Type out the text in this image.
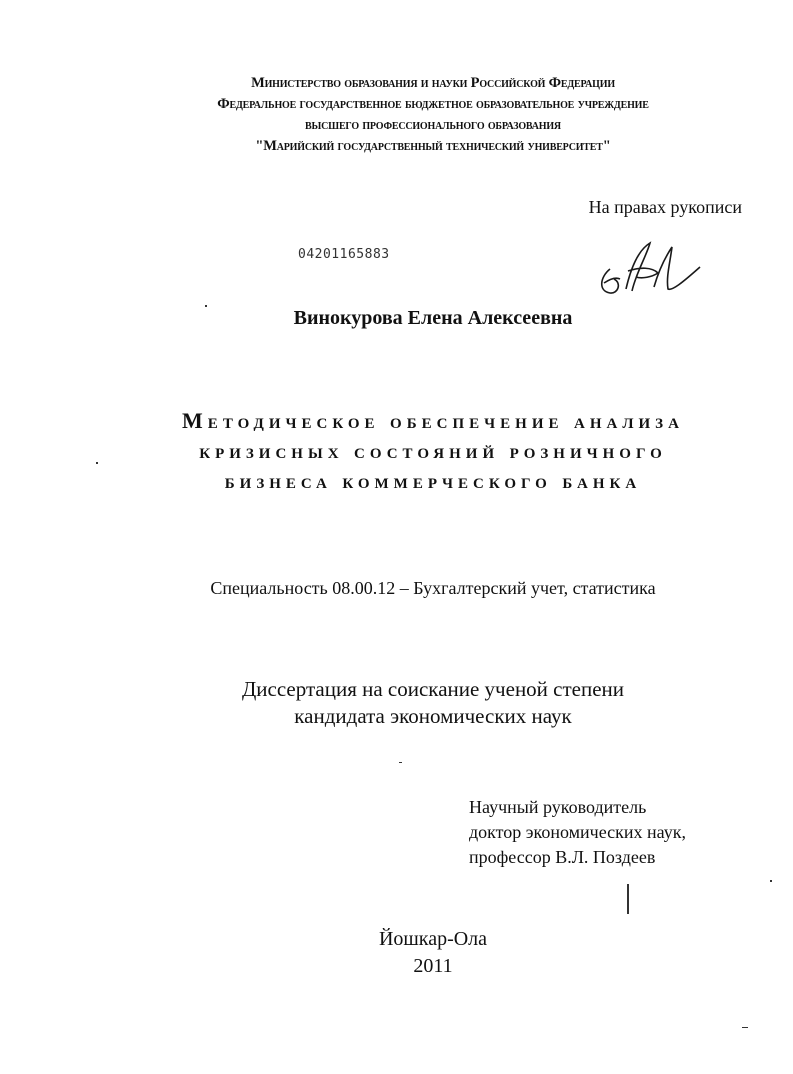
Министерство образования и науки Российской Федерации
Федеральное государственное бюджетное образовательное учреждение
высшего профессионального образования
"Марийский государственный технический университет"
На правах рукописи
04201165883
Винокурова Елена Алексеевна
Методическое обеспечение анализа
кризисных состояний розничного
бизнеса коммерческого банка
Специальность 08.00.12 – Бухгалтерский учет, статистика
Диссертация на соискание ученой степени
кандидата экономических наук
Научный руководитель
доктор экономических наук,
профессор В.Л. Поздеев
Йошкар-Ола
2011
